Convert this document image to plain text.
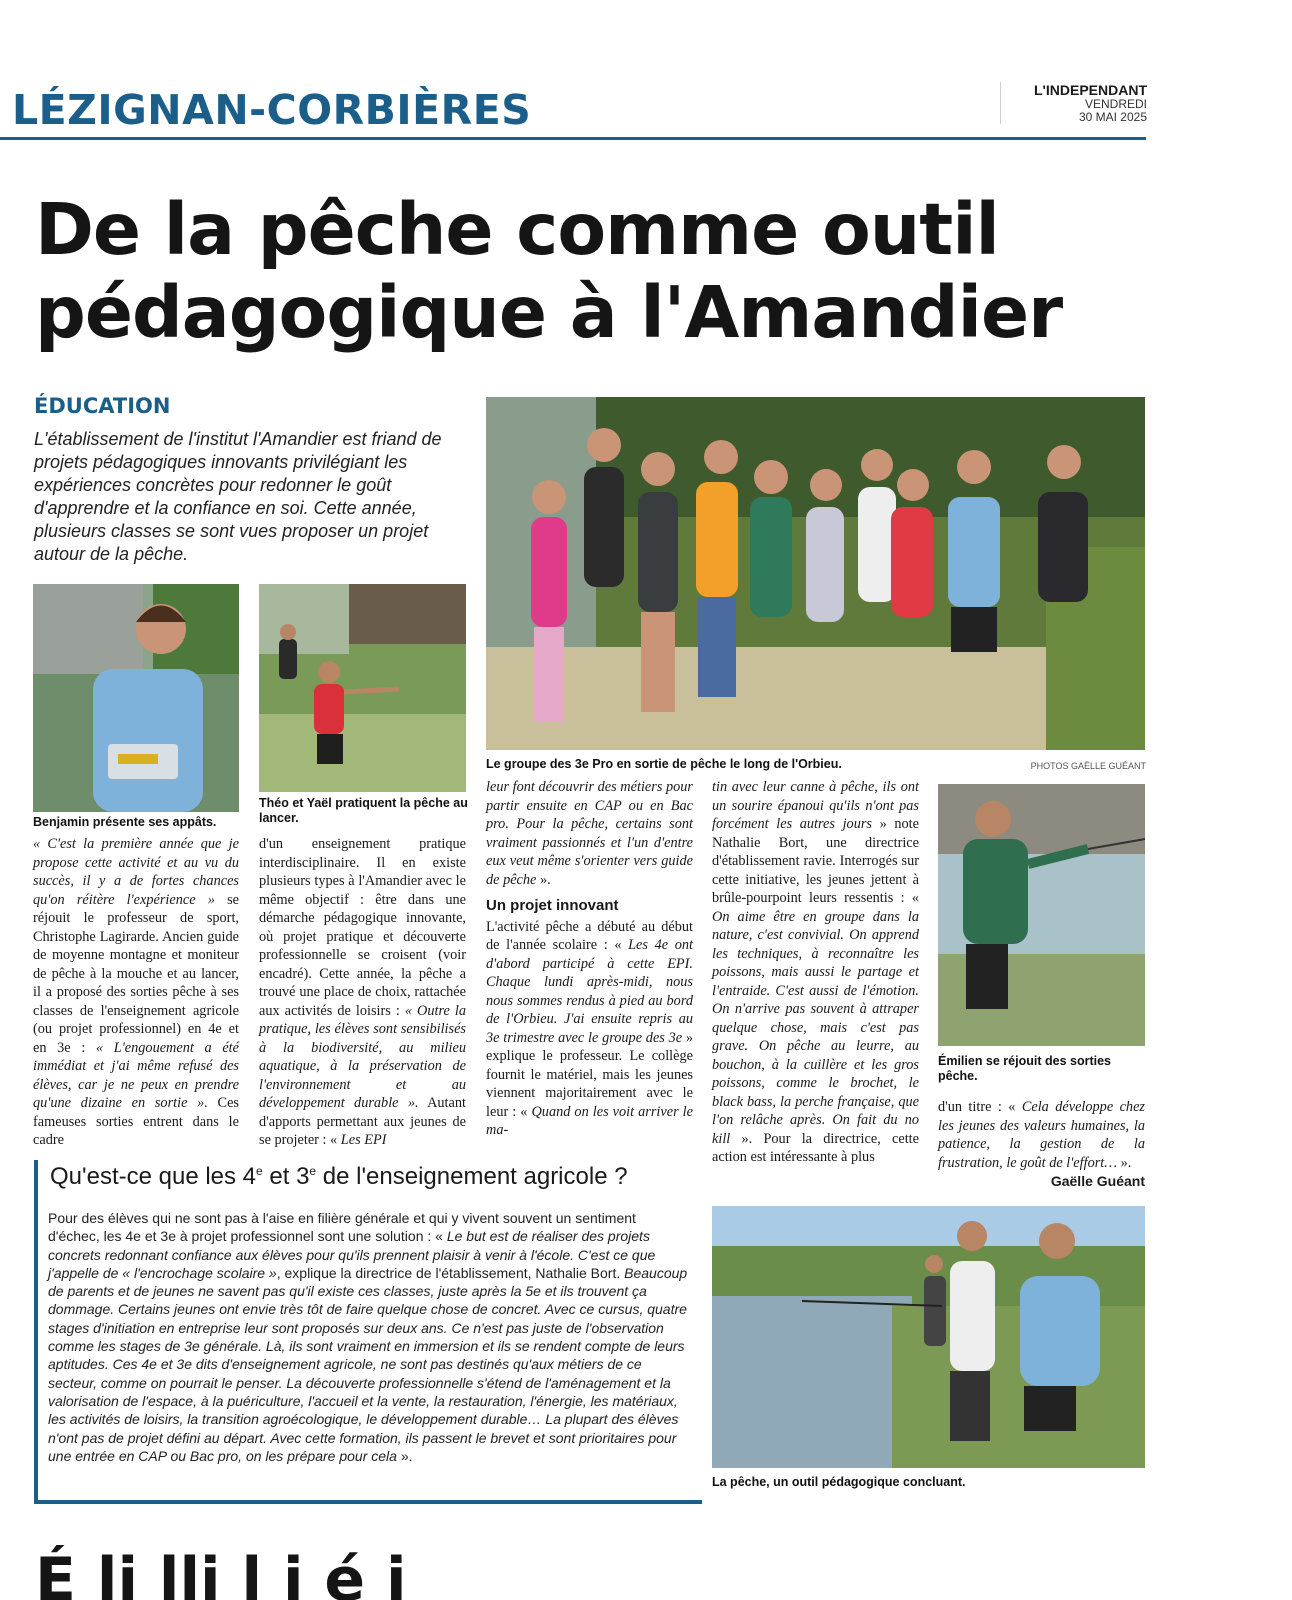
LÉZIGNAN-CORBIÈRES	L'INDEPENDANT
VENDREDI
30 MAI 2025
De la pêche comme outil
pédagogique à l'Amandier
ÉDUCATION
L'établissement de l'institut l'Amandier est friand de projets pédagogiques innovants privilégiant les expériences concrètes pour redonner le goût d'apprendre et la confiance en soi. Cette année, plusieurs classes se sont vues proposer un projet autour de la pêche.
Le groupe des 3e Pro en sortie de pêche le long de l'Orbieu.	PHOTOS GAËLLE GUÉANT
Benjamin présente ses appâts.
Théo et Yaël pratiquent la pêche au lancer.
Émilien se réjouit des sorties pêche.
La pêche, un outil pédagogique concluant.

« C'est la première année que je propose cette activité et au vu du succès, il y a de fortes chances qu'on réitère l'expérience » se réjouit le professeur de sport, Christophe Lagirarde. Ancien guide de moyenne montagne et moniteur de pêche à la mouche et au lancer, il a proposé des sorties pêche à ses classes de l'enseignement agricole (ou projet professionnel) en 4e et en 3e : « L'engouement a été immédiat et j'ai même refusé des élèves, car je ne peux en prendre qu'une dizaine en sortie ». Ces fameuses sorties entrent dans le cadre

d'un enseignement pratique interdisciplinaire. Il en existe plusieurs types à l'Amandier avec le même objectif : être dans une démarche pédagogique innovante, où projet pratique et découverte professionnelle se croisent (voir encadré). Cette année, la pêche a trouvé une place de choix, rattachée aux activités de loisirs : « Outre la pratique, les élèves sont sensibilisés à la biodiversité, au milieu aquatique, à la préservation de l'environnement et au développement durable ». Autant d'apports permettant aux jeunes de se projeter : « Les EPI

leur font découvrir des métiers pour partir ensuite en CAP ou en Bac pro. Pour la pêche, certains sont vraiment passionnés et l'un d'entre eux veut même s'orienter vers guide de pêche ».

Un projet innovant

L'activité pêche a débuté au début de l'année scolaire : « Les 4e ont d'abord participé à cette EPI. Chaque lundi après-midi, nous nous sommes rendus à pied au bord de l'Orbieu. J'ai ensuite repris au 3e trimestre avec le groupe des 3e » explique le professeur. Le collège fournit le matériel, mais les jeunes viennent majoritairement avec le leur : « Quand on les voit arriver le ma-

tin avec leur canne à pêche, ils ont un sourire épanoui qu'ils n'ont pas forcément les autres jours » note Nathalie Bort, une directrice d'établissement ravie. Interrogés sur cette initiative, les jeunes jettent à brûle-pourpoint leurs ressentis : « On aime être en groupe dans la nature, c'est convivial. On apprend les techniques, à reconnaître les poissons, mais aussi le partage et l'entraide. C'est aussi de l'émotion. On n'arrive pas souvent à attraper quelque chose, mais c'est pas grave. On pêche au leurre, au bouchon, à la cuillère et les gros poissons, comme le brochet, le black bass, la perche française, que l'on relâche après. On fait du no kill ». Pour la directrice, cette action est intéressante à plus

d'un titre : « Cela développe chez les jeunes des valeurs humaines, la patience, la gestion de la frustration, le goût de l'effort… ».

Gaëlle Guéant
Qu'est-ce que les 4e et 3e de l'enseignement agricole ?
Pour des élèves qui ne sont pas à l'aise en filière générale et qui y vivent souvent un sentiment d'échec, les 4e et 3e à projet professionnel sont une solution : « Le but est de réaliser des projets concrets redonnant confiance aux élèves pour qu'ils prennent plaisir à venir à l'école. C'est ce que j'appelle de « l'encrochage scolaire », explique la directrice de l'établissement, Nathalie Bort. Beaucoup de parents et de jeunes ne savent pas qu'il existe ces classes, juste après la 5e et ils trouvent ça dommage. Certains jeunes ont envie très tôt de faire quelque chose de concret. Avec ce cursus, quatre stages d'initiation en entreprise leur sont proposés sur deux ans. Ce n'est pas juste de l'observation comme les stages de 3e générale. Là, ils sont vraiment en immersion et ils se rendent compte de leurs aptitudes. Ces 4e et 3e dits d'enseignement agricole, ne sont pas destinés qu'aux métiers de ce secteur, comme on pourrait le penser. La découverte professionnelle s'étend de l'aménagement et la valorisation de l'espace, à la puériculture, l'accueil et la vente, la restauration, l'énergie, les matériaux, les activités de loisirs, la transition agroécologique, le développement durable… La plupart des élèves n'ont pas de projet défini au départ. Avec cette formation, ils passent le brevet et sont prioritaires pour une entrée en CAP ou Bac pro, on les prépare pour cela ».
É li lli l i é i
